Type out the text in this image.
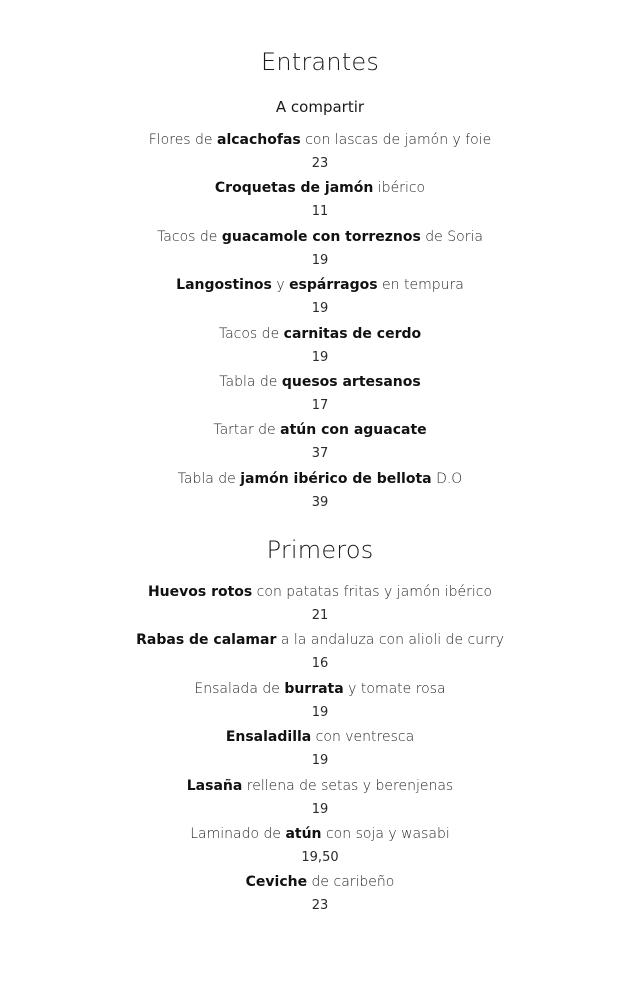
Entrantes
A compartir
Flores de alcachofas con lascas de jamón y foie
23
Croquetas de jamón ibérico
11
Tacos de guacamole con torreznos de Soria
19
Langostinos y espárragos en tempura
19
Tacos de carnitas de cerdo
19
Tabla de quesos artesanos
17
Tartar de atún con aguacate
37
Tabla de jamón ibérico de bellota D.O
39
Primeros
Huevos rotos con patatas fritas y jamón ibérico
21
Rabas de calamar a la andaluza con alioli de curry
16
Ensalada de burrata y tomate rosa
19
Ensaladilla con ventresca
19
Lasaña rellena de setas y berenjenas
19
Laminado de atún con soja y wasabi
19,50
Ceviche de caribeño
23
